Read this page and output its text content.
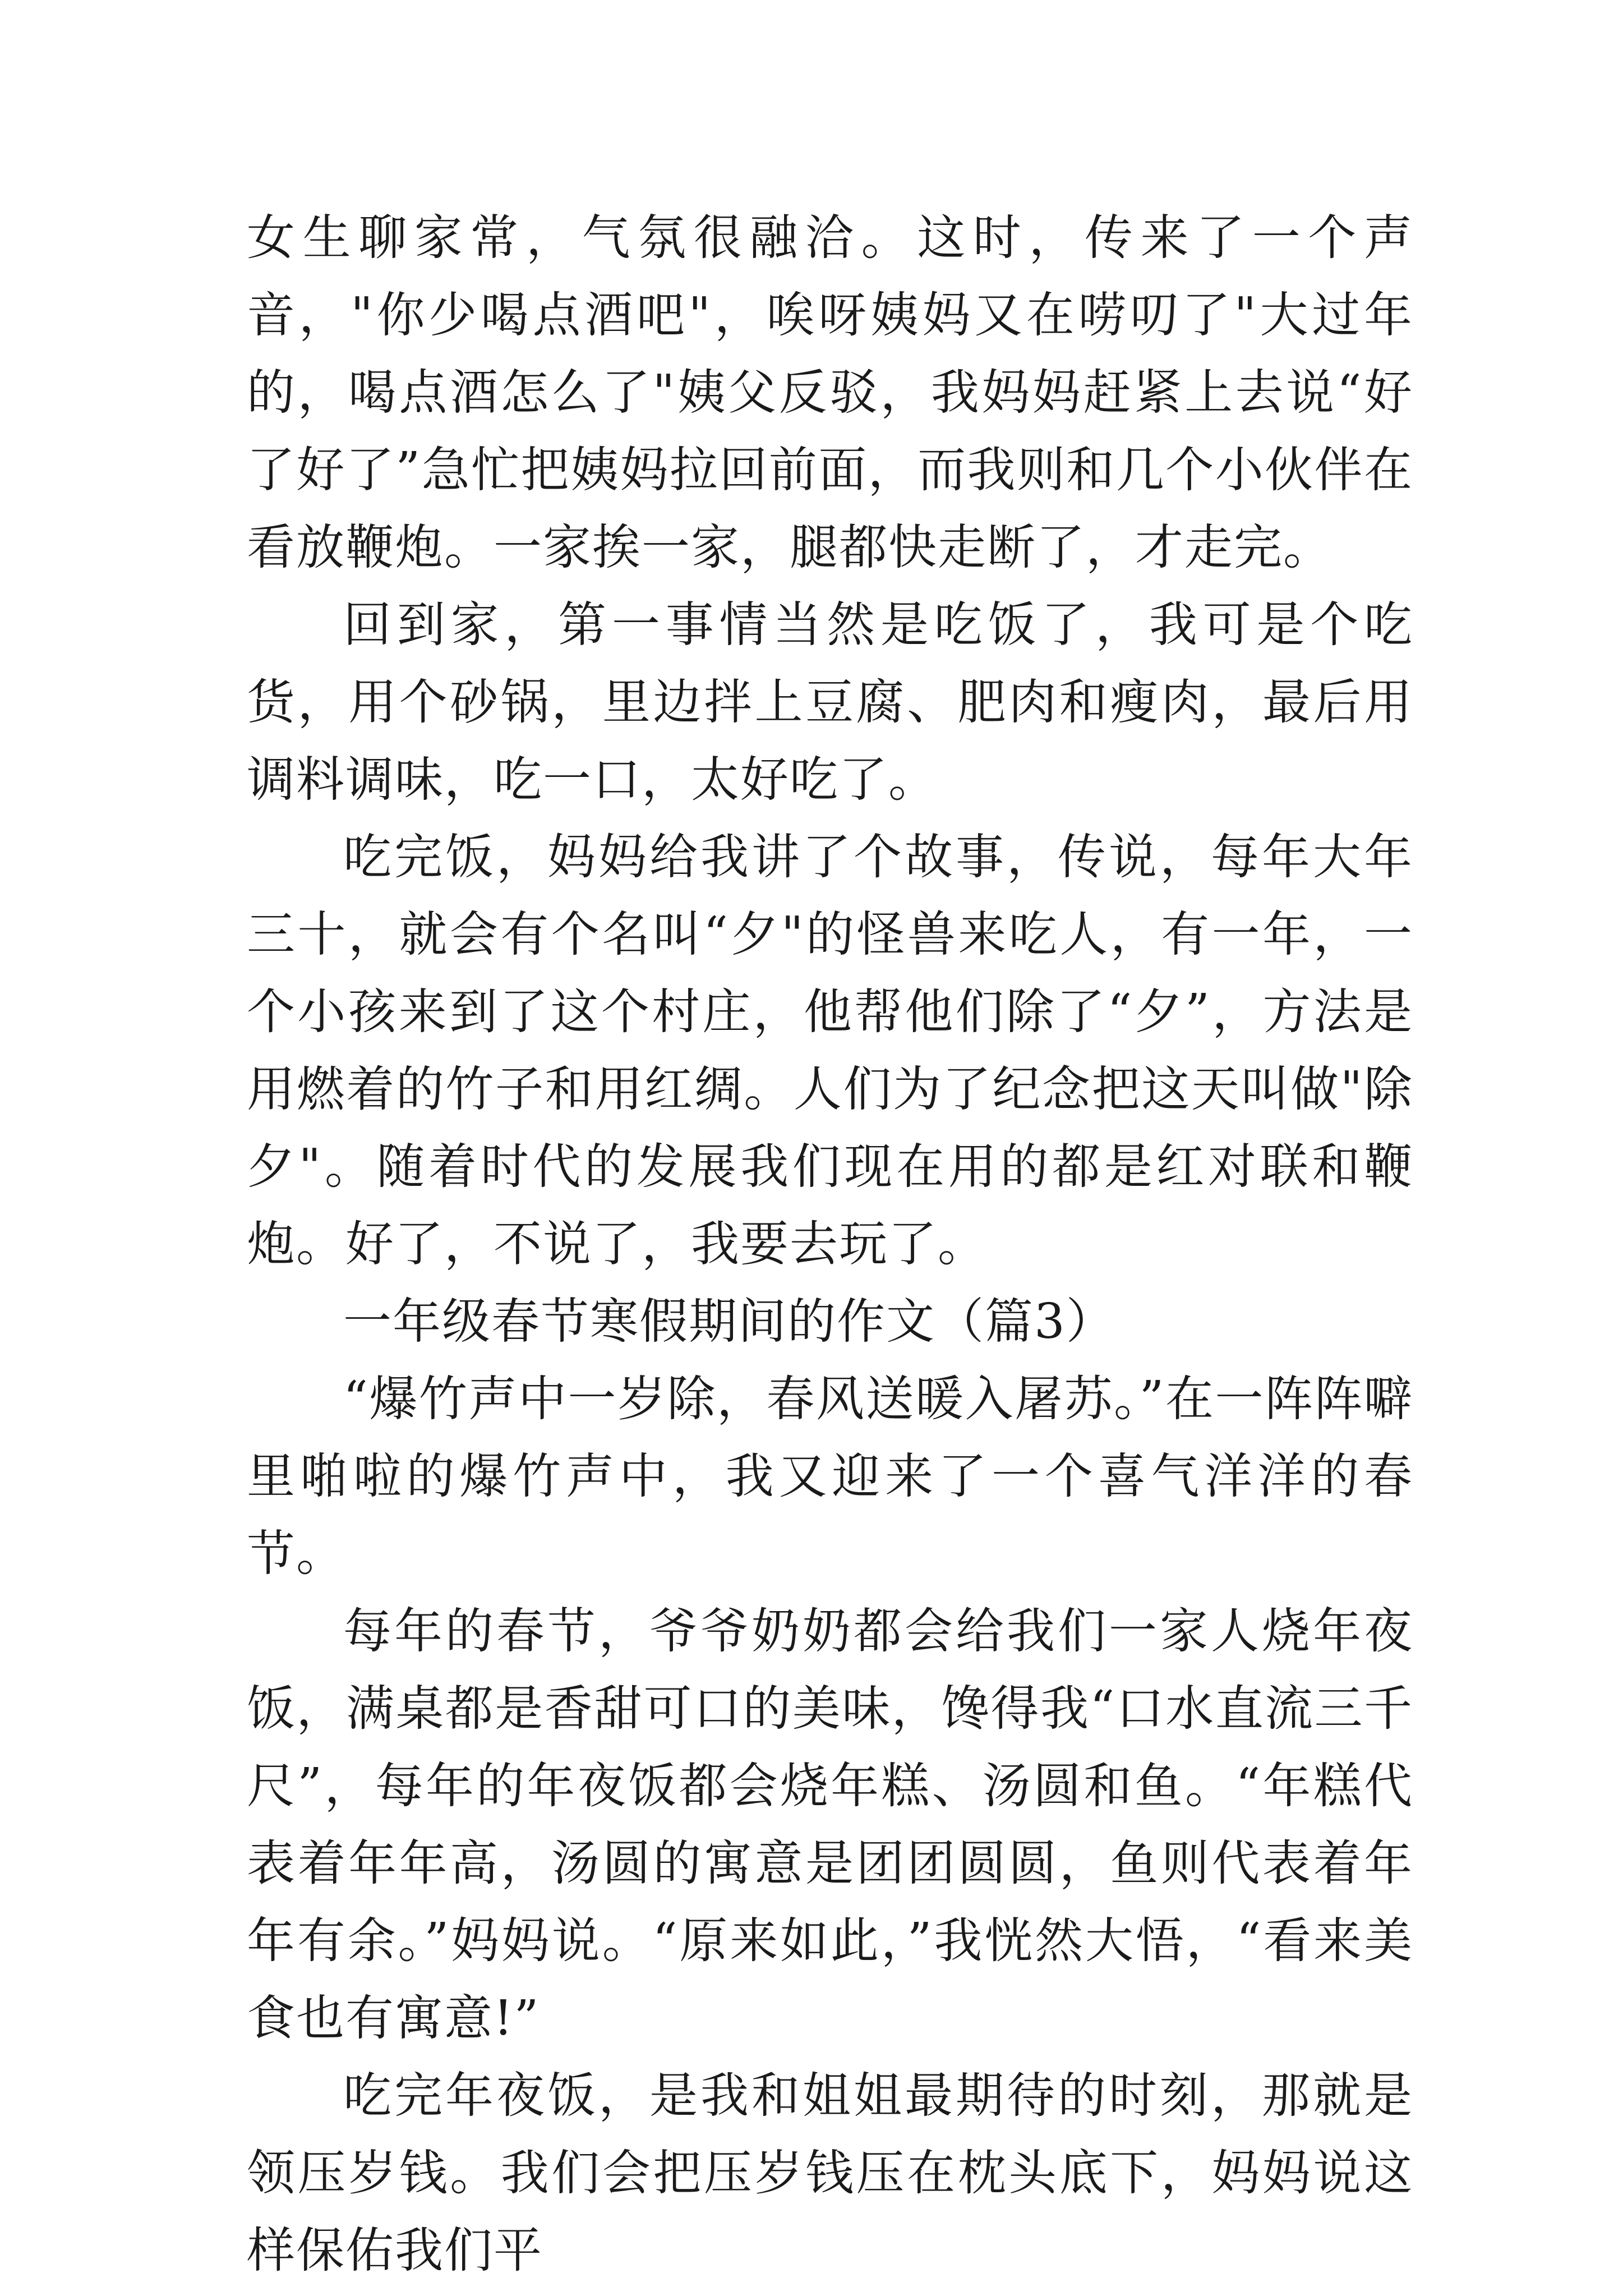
女生聊家常，气氛很融洽。这时，传来了一个声音，"你少喝点酒吧"，唉呀姨妈又在唠叨了"大过年的，喝点酒怎么了"姨父反驳，我妈妈赶紧上去说“好了好了”急忙把姨妈拉回前面，而我则和几个小伙伴在看放鞭炮。一家挨一家，腿都快走断了，才走完。

回到家，第一事情当然是吃饭了，我可是个吃货，用个砂锅，里边拌上豆腐、肥肉和瘦肉，最后用调料调味，吃一口，太好吃了。

吃完饭，妈妈给我讲了个故事，传说，每年大年三十，就会有个名叫“夕"的怪兽来吃人，有一年，一个小孩来到了这个村庄，他帮他们除了“夕”，方法是用燃着的竹子和用红绸。人们为了纪念把这天叫做"除夕"。随着时代的发展我们现在用的都是红对联和鞭炮。好了，不说了，我要去玩了。

一年级春节寒假期间的作文（篇3）

“爆竹声中一岁除，春风送暖入屠苏。”在一阵阵噼里啪啦的爆竹声中，我又迎来了一个喜气洋洋的春节。

每年的春节，爷爷奶奶都会给我们一家人烧年夜饭，满桌都是香甜可口的美味，馋得我“口水直流三千尺”，每年的年夜饭都会烧年糕、汤圆和鱼。“年糕代表着年年高，汤圆的寓意是团团圆圆，鱼则代表着年年有余。”妈妈说。“原来如此，”我恍然大悟，“看来美食也有寓意!”

吃完年夜饭，是我和姐姐最期待的时刻，那就是领压岁钱。我们会把压岁钱压在枕头底下，妈妈说这样保佑我们平
